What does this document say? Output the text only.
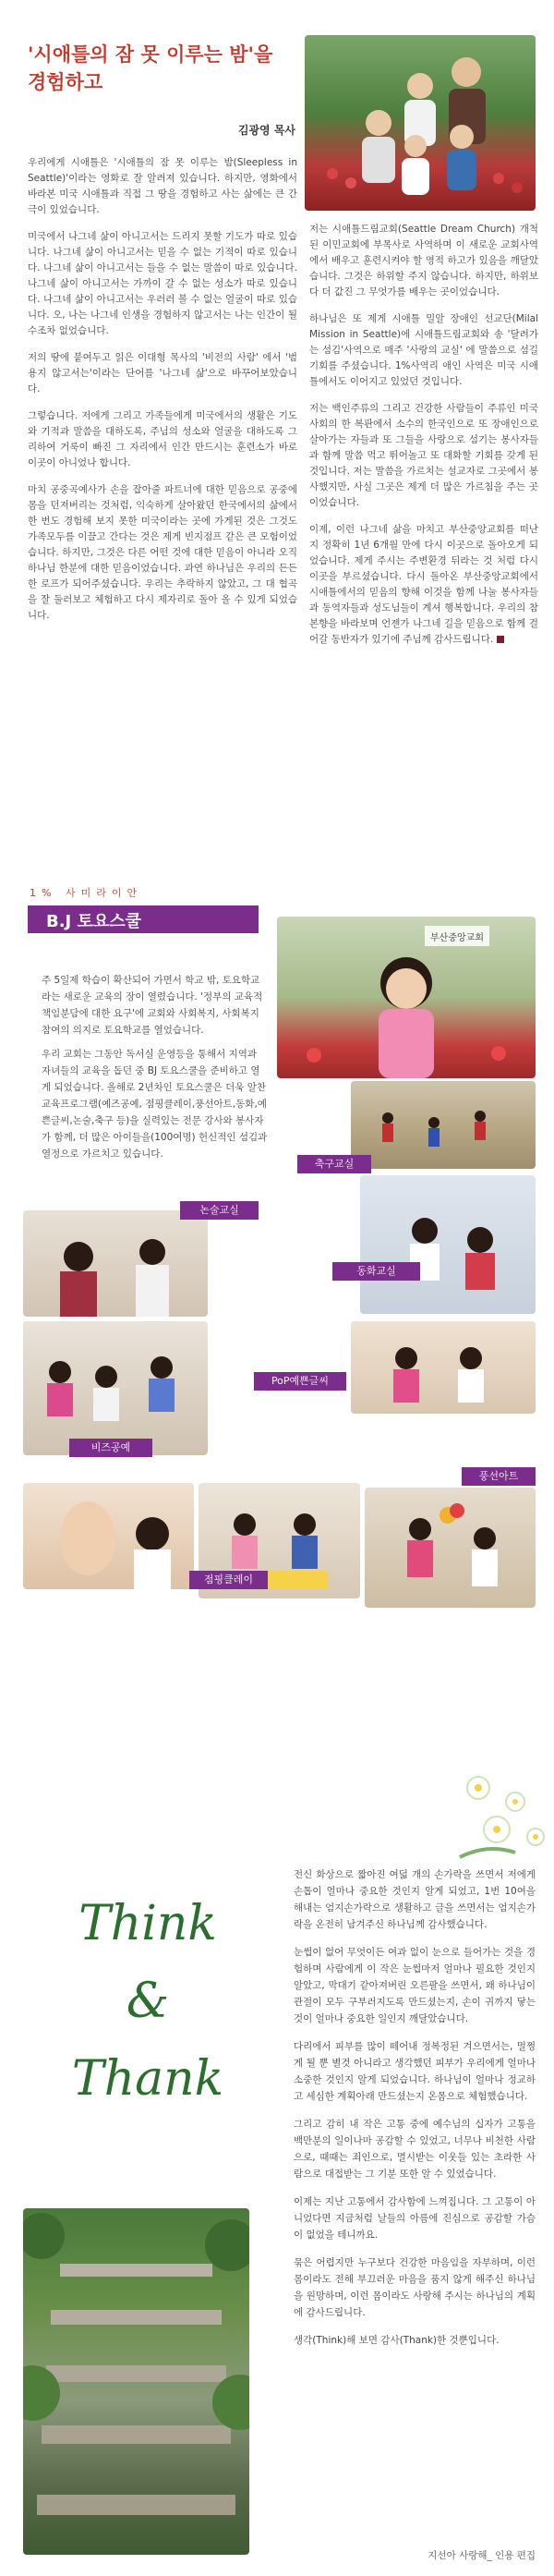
'시애틀의 잠 못 이루는 밤'을 경험하고
김광영 목사

우리에게 시애틀은 '시애틀의 잠 못 이루는 밤(Sleepless in Seattle)'이라는 영화로 잘 알려져 있습니다. 하지만, 영화에서 바라본 미국 시애틀과 직접 그 땅을 경험하고 사는 삶에는 큰 간극이 있었습니다.

미국에서 나그네 삶이 아니고서는 드리지 못할 기도가 따로 있습니다. 나그네 삶이 아니고서는 믿을 수 없는 기적이 따로 있습니다. 나그네 삶이 아니고서는 들을 수 없는 말씀이 따로 있습니다. 나그네 삶이 아니고서는 가까이 갈 수 없는 성소가 따로 있습니다. 나그네 삶이 아니고서는 우러러 볼 수 없는 얼굴이 따로 있습니다. 오, 나는 나그네 인생을 경험하지 않고서는 나는 인간이 될 수조차 없었습니다.

저의 땅에 붙여두고 읽은 이대형 목사의 '비전의 사람' 에서 '범용지 않고서는'이라는 단어를 '나그네 삶'으로 바꾸어보았습니다.

그렇습니다. 저에게 그리고 가족들에게 미국에서의 생활은 기도와 기적과 말씀을 대하도록, 주님의 성소와 얼굴을 대하도록 그리하여 거룩이 빠진 그 자리에서 인간 만드시는 훈련소가 바로 이곳이 아니었나 합니다.

마치 공중곡예사가 손을 잡아줄 파트너에 대한 믿음으로 공중에 몸을 던져버리는 것처럼, 익숙하게 살아왔던 한국에서의 삶에서 한 번도 경험해 보지 못한 미국이라는 곳에 가게된 것은 그것도 가족모두를 이끌고 간다는 것은 제게 빈지점프 같은 큰 모험이었습니다. 하지만, 그것은 다른 어떤 것에 대한 믿음이 아니라 오직 하나님 한분에 대한 믿음이었습니다. 과연 하나님은 우리의 든든한 로프가 되어주셨습니다. 우리는 추락하지 않았고, 그 대 협곡을 잘 둘러보고 체험하고 다시 제자리로 돌아 올 수 있게 되었습니다.

저는 시애틀드림교회(Seattle Dream Church) 개척된 이민교회에 부목사로 사역하며 이 새로운 교회사역에서 배우고 훈련시켜야 할 영적 하고가 있음을 깨달았습니다. 그것은 하위할 주지 않습니다. 하지만, 하위보다 더 값진 그 무엇가를 배우는 곳이었습니다.

하나님은 또 제게 시애틀 밀알 장애인 선교단(Milal Mission in Seattle)에 시애틀드림교회와 송 '달려가는 섬김'사역으로 매주 '사랑의 교실' 에 말씀으로 섬길 기회를 주셨습니다. 1%사역리 애인 사역은 미국 시애틀에서도 이어지고 있었던 것입니다.

저는 백인주류의 그리고 건강한 사람들이 주류인 미국사회의 한 복판에서 소수의 한국인으로 또 장애인으로 살아가는 자들과 또 그들을 사랑으로 섬기는 봉사자들과 함께 말씀 먹고 뛰어놀고 또 대화할 기회를 갖게 된 것입니다. 저는 말씀을 가르치는 설교자로 그곳에서 봉사했지만, 사실 그곳은 제게 더 많은 가르침을 주는 곳이었습니다.

이제, 이런 나그네 삶을 마치고 부산중앙교회를 떠난 지 정확히 1년 6개월 만에 다시 이곳으로 돌아오게 되었습니다. 제게 주시는 주변환경 뒤라는 것 처럼 다시 이곳을 부르셨습니다. 다시 돌아온 부산중앙교회에서 시애틀에서의 믿음의 향해 이것을 함께 나눌 봉사자들과 동역자들과 성도님들이 계셔 행복합니다. 우리의 참 본향을 바라보며 언젠가 나그네 길을 믿음으로 함께 걸어갈 동반자가 있기에 주님께 감사드립니다.

1% 사미라이안
B.J 토요스쿨

주 5일제 학습이 확산되어 가면서 학교 밖, 토요학교라는 새로운 교육의 장이 열렸습니다. '정부의 교육적 책임분담에 대한 요구'에 교회와 사회복지, 사회복지 참여의 의지로 토요학교를 열었습니다.

우리 교회는 그동안 독서실 운영등을 통해서 지역과 자녀들의 교육을 돕던 중 BJ 토요스쿨을 준비하고 열게 되었습니다. 올해로 2년차인 토요스쿨은 더욱 알찬 교육프로그램(예즈공예, 점핑클레이,풍선아트,동화,예쁜글씨,논술,축구 등)을 실력있는 전문 강사와 봉사자가 함께, 더 많은 아이들을(100여명) 헌신적인 섬김과 열정으로 가르치고 있습니다.

부산중앙교회
축구교실
논술교실
동화교실
PoP예쁜글씨
비즈공예
풍선아트
점핑클레이
Think
&
Thank

전신 화상으로 짧아진 여덟 개의 손가락을 쓰면서 저에게 손톱이 얼마나 중요한 것인지 알게 되었고, 1번 10여을 해내는 엄지손가락으로 생활하고 글을 쓰면서는 엄지손가락을 온전히 남겨주신 하나님께 감사했습니다.

눈썹이 없어 무엇이든 여과 없이 눈으로 들어가는 것을 경험하며 사람에게 이 작은 눈썹마저 얼마나 필요한 것인지 알았고, 막대기 같아져버린 오른팔을 쓰면서, 왜 하나님이 관절이 모두 구부러지도록 만드셨는지, 손이 귀까지 닿는 것이 얼마나 중요한 일인지 깨달았습니다.

다리에서 피부를 많이 떼어내 정복정된 겨으면서는, 멀쩡게 될 뿐 별것 아니라고 생각했던 피부가 우리에게 얼마나 소중한 것인지 알게 되었습니다. 하나님이 얼마나 정교하고 세심한 계획아래 만드셨는지 온몸으로 체험했습니다.

그리고 감히 내 작은 고통 중에 예수님의 십자가 고통을 백만분의 일이나마 공감할 수 있었고, 너무나 비천한 사람으로, 때때는 죄인으로, 멸시받는 이웃들 있는 초라한 사람으로 대접받는 그 기분 또한 알 수 있었습니다.

이제는 지난 고통에서 감사함에 느껴집니다. 그 고통이 아니었다면 지금처럼 날들의 아름에 진심으로 공감할 가슴이 없었을 테니까요.

묶은 어렵지만 누구보다 건강한 마음임을 자부하며, 이런 몸이라도 전해 부끄러운 마음을 품지 않게 해주신 하나님을 원망하며, 이런 몸이라도 사랑해 주시는 하나님의 계획에 감사드립니다.

생각(Think)해 보면 감사(Thank)한 것뿐입니다.

지선아 사랑해_ 인용 편집
